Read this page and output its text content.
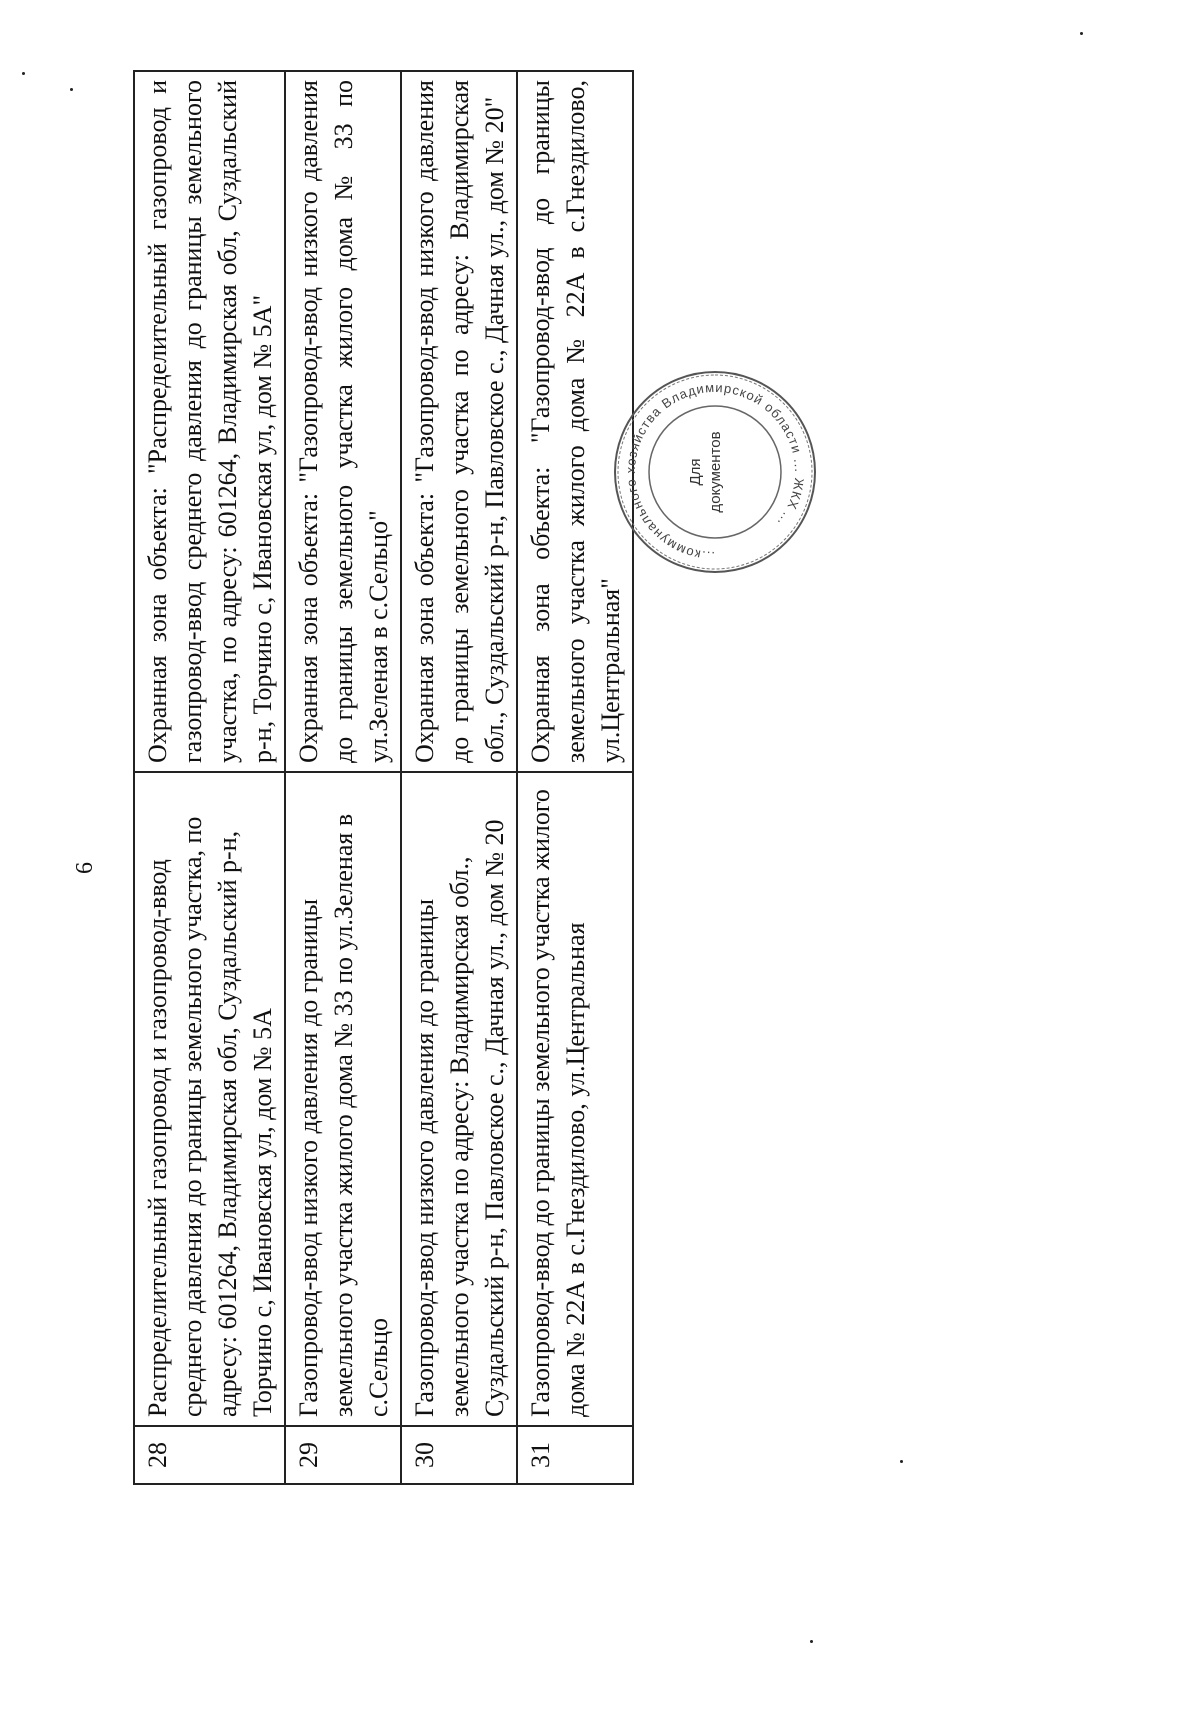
6
28	Распределительный газопровод и газопровод-ввод среднего давления до границы земельного участка, по адресу: 601264, Владимирская обл, Суздальский р-н, Торчино с, Ивановская ул, дом № 5А	Охранная зона объекта: "Распределительный газопровод и газопровод-ввод среднего давления до границы земельного участка, по адресу: 601264, Владимирская обл, Суздальский р-н, Торчино с, Ивановская ул, дом № 5А"
29	Газопровод-ввод низкого давления до границы земельного участка жилого дома № 33 по ул.Зеленая в с.Сельцо	Охранная зона объекта: "Газопровод-ввод низкого давления до границы земельного участка жилого дома № 33 по ул.Зеленая в с.Сельцо"
30	Газопровод-ввод низкого давления до границы земельного участка по адресу: Владимирская обл., Суздальский р-н, Павловское с., Дачная ул., дом № 20	Охранная зона объекта: "Газопровод-ввод низкого давления до границы земельного участка по адресу: Владимирская обл., Суздальский р-н, Павловское с., Дачная ул., дом № 20"
31	Газопровод-ввод до границы земельного участка жилого дома № 22А в с.Гнездилово, ул.Центральная	Охранная зона объекта: "Газопровод-ввод до границы земельного участка жилого дома № 22А в с.Гнездилово, ул.Центральная"
...коммунального хозяйства Владимирской области ... ЖКХ ...
Для документов
